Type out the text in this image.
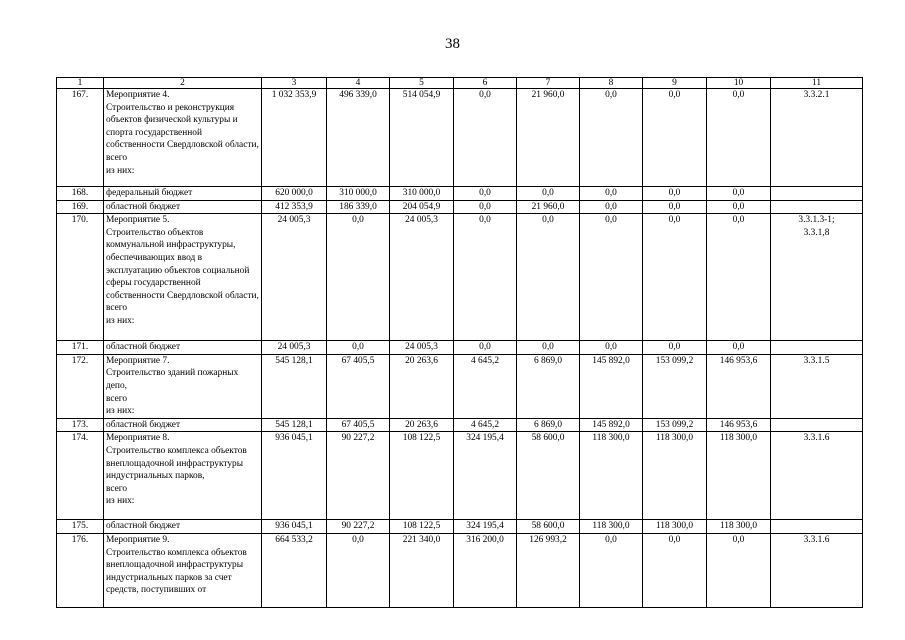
38
1	2	3	4	5	6	7	8	9	10	11
167.	Мероприятие 4.
Строительство и реконструкция объектов физической культуры и спорта государственной собственности Свердловской области,
всего
из них:	1 032 353,9	496 339,0	514 054,9	0,0	21 960,0	0,0	0,0	0,0	3.3.2.1
168.	федеральный бюджет	620 000,0	310 000,0	310 000,0	0,0	0,0	0,0	0,0	0,0	
169.	областной бюджет	412 353,9	186 339,0	204 054,9	0,0	21 960,0	0,0	0,0	0,0	
170.	Мероприятие 5.
Строительство объектов коммунальной инфраструктуры, обеспечивающих ввод в эксплуатацию объектов социальной сферы государственной собственности Свердловской области,
всего
из них:	24 005,3	0,0	24 005,3	0,0	0,0	0,0	0,0	0,0	3.3.1.3-1;
3.3.1,8
171.	областной бюджет	24 005,3	0,0	24 005,3	0,0	0,0	0,0	0,0	0,0	
172.	Мероприятие 7.
Строительство зданий пожарных депо,
всего
из них:	545 128,1	67 405,5	20 263,6	4 645,2	6 869,0	145 892,0	153 099,2	146 953,6	3.3.1.5
173.	областной бюджет	545 128,1	67 405,5	20 263,6	4 645,2	6 869,0	145 892,0	153 099,2	146 953,6	
174.	Мероприятие 8.
Строительство комплекса объектов внеплощадочной инфраструктуры индустриальных парков,
всего
из них:	936 045,1	90 227,2	108 122,5	324 195,4	58 600,0	118 300,0	118 300,0	118 300,0	3.3.1.6
175.	областной бюджет	936 045,1	90 227,2	108 122,5	324 195,4	58 600,0	118 300,0	118 300,0	118 300,0	
176.	Мероприятие 9.
Строительство комплекса объектов внеплощадочной инфраструктуры индустриальных парков за счет средств, поступивших от	664 533,2	0,0	221 340,0	316 200,0	126 993,2	0,0	0,0	0,0	3.3.1.6
